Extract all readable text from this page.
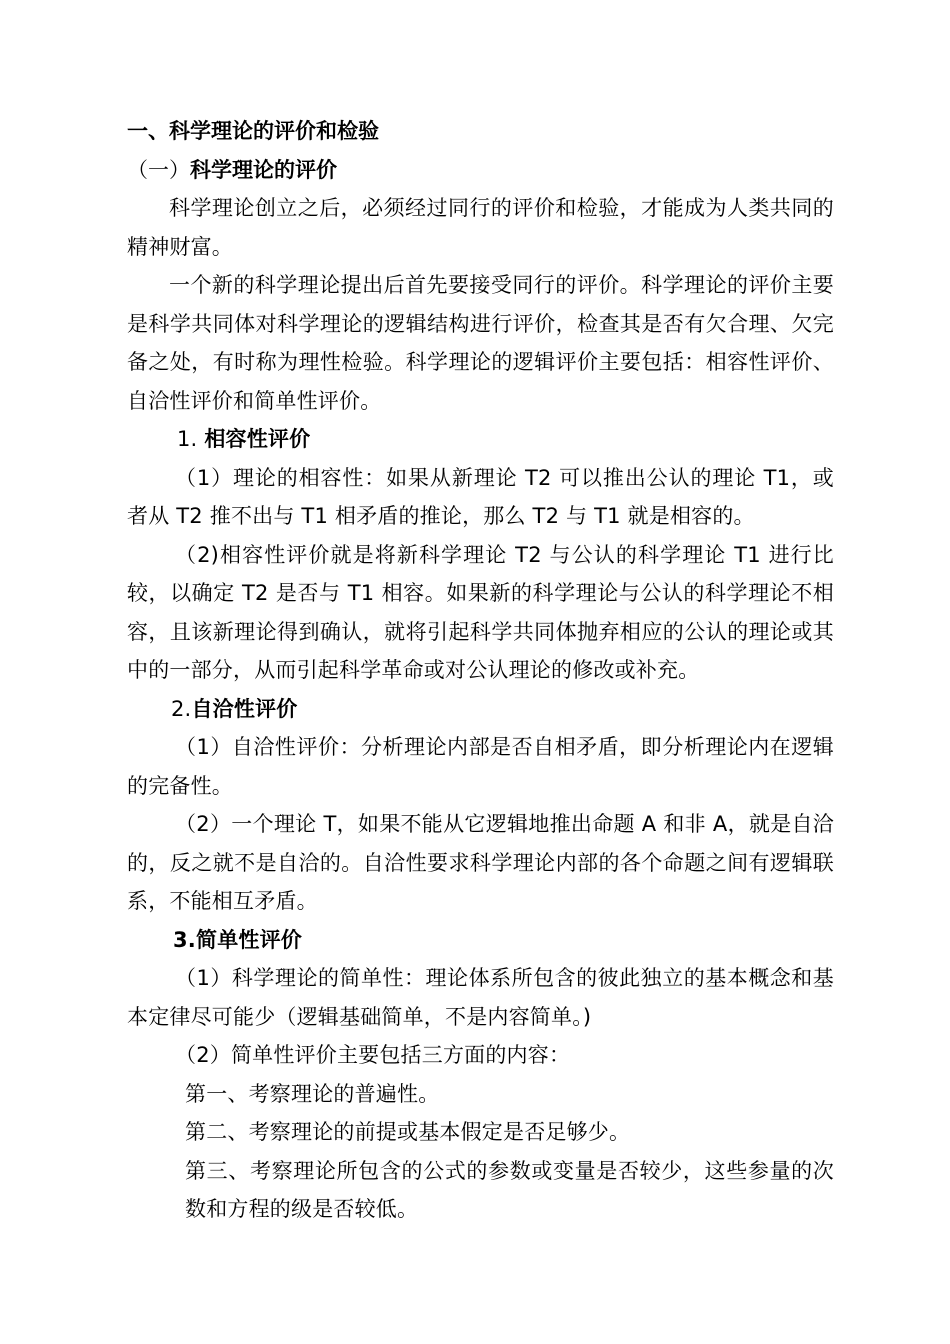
一、科学理论的评价和检验

（一）科学理论的评价

科学理论创立之后，必须经过同行的评价和检验，才能成为人类共同的精神财富。

一个新的科学理论提出后首先要接受同行的评价。科学理论的评价主要是科学共同体对科学理论的逻辑结构进行评价，检查其是否有欠合理、欠完备之处，有时称为理性检验。科学理论的逻辑评价主要包括：相容性评价、自洽性评价和简单性评价。

1. 相容性评价

（1）理论的相容性：如果从新理论 T2 可以推出公认的理论 T1，或者从 T2 推不出与 T1 相矛盾的推论，那么 T2 与 T1 就是相容的。

（2)相容性评价就是将新科学理论 T2 与公认的科学理论 T1 进行比较，以确定 T2 是否与 T1 相容。如果新的科学理论与公认的科学理论不相容，且该新理论得到确认，就将引起科学共同体抛弃相应的公认的理论或其中的一部分，从而引起科学革命或对公认理论的修改或补充。

2.自洽性评价

（1）自洽性评价：分析理论内部是否自相矛盾，即分析理论内在逻辑的完备性。

（2）一个理论 T，如果不能从它逻辑地推出命题 A 和非 A，就是自洽的，反之就不是自洽的。自洽性要求科学理论内部的各个命题之间有逻辑联系，不能相互矛盾。

3.简单性评价

（1）科学理论的简单性：理论体系所包含的彼此独立的基本概念和基本定律尽可能少（逻辑基础简单，不是内容简单。)

（2）简单性评价主要包括三方面的内容：

第一、考察理论的普遍性。

第二、考察理论的前提或基本假定是否足够少。

第三、考察理论所包含的公式的参数或变量是否较少，这些参量的次数和方程的级是否较低。
